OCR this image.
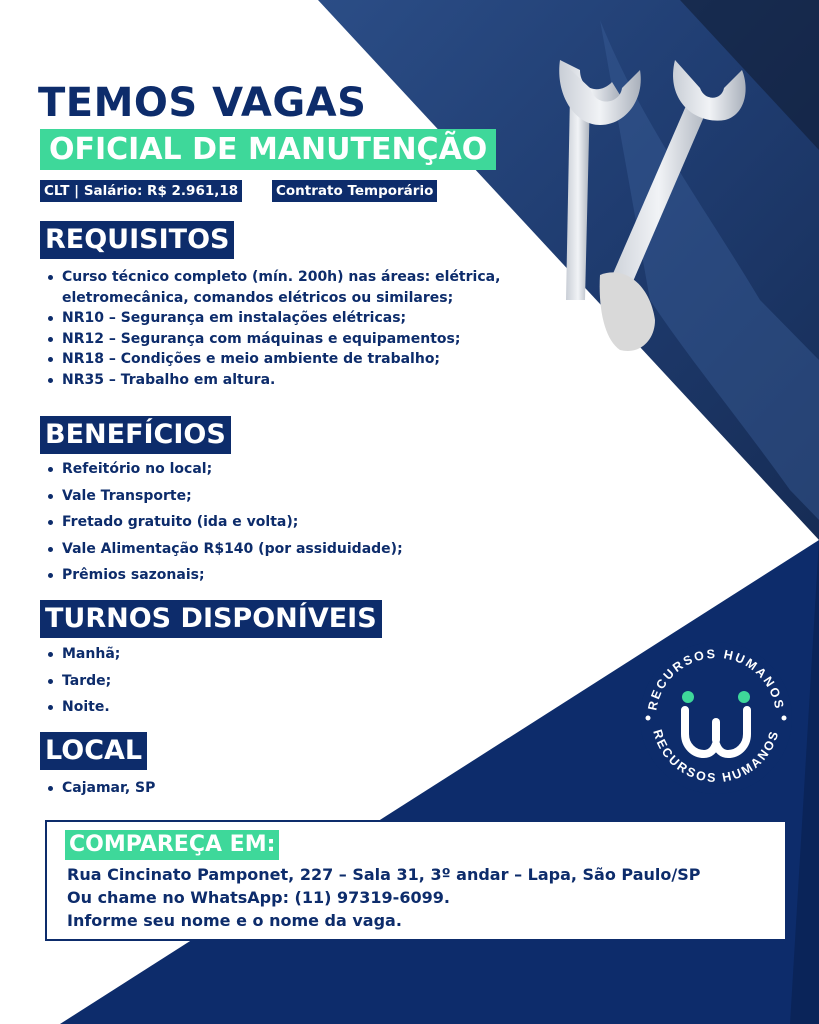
TEMOS VAGAS
OFICIAL DE MANUTENÇÃO
CLT | Salário: R$ 2.961,18	Contrato Temporário
REQUISITOS
Curso técnico completo (mín. 200h) nas áreas: elétrica, eletromecânica, comandos elétricos ou similares;
NR10 – Segurança em instalações elétricas;
NR12 – Segurança com máquinas e equipamentos;
NR18 – Condições e meio ambiente de trabalho;
NR35 – Trabalho em altura.
BENEFÍCIOS
Refeitório no local;
Vale Transporte;
Fretado gratuito (ida e volta);
Vale Alimentação R$140 (por assiduidade);
Prêmios sazonais;
TURNOS DISPONÍVEIS
Manhã;
Tarde;
Noite.
LOCAL
Cajamar, SP
COMPAREÇA EM:
Rua Cincinato Pamponet, 227 – Sala 31, 3º andar – Lapa, São Paulo/SP
Ou chame no WhatsApp: (11) 97319-6099.
Informe seu nome e o nome da vaga.
RECURSOS HUMANOS
RECURSOS HUMANOS
